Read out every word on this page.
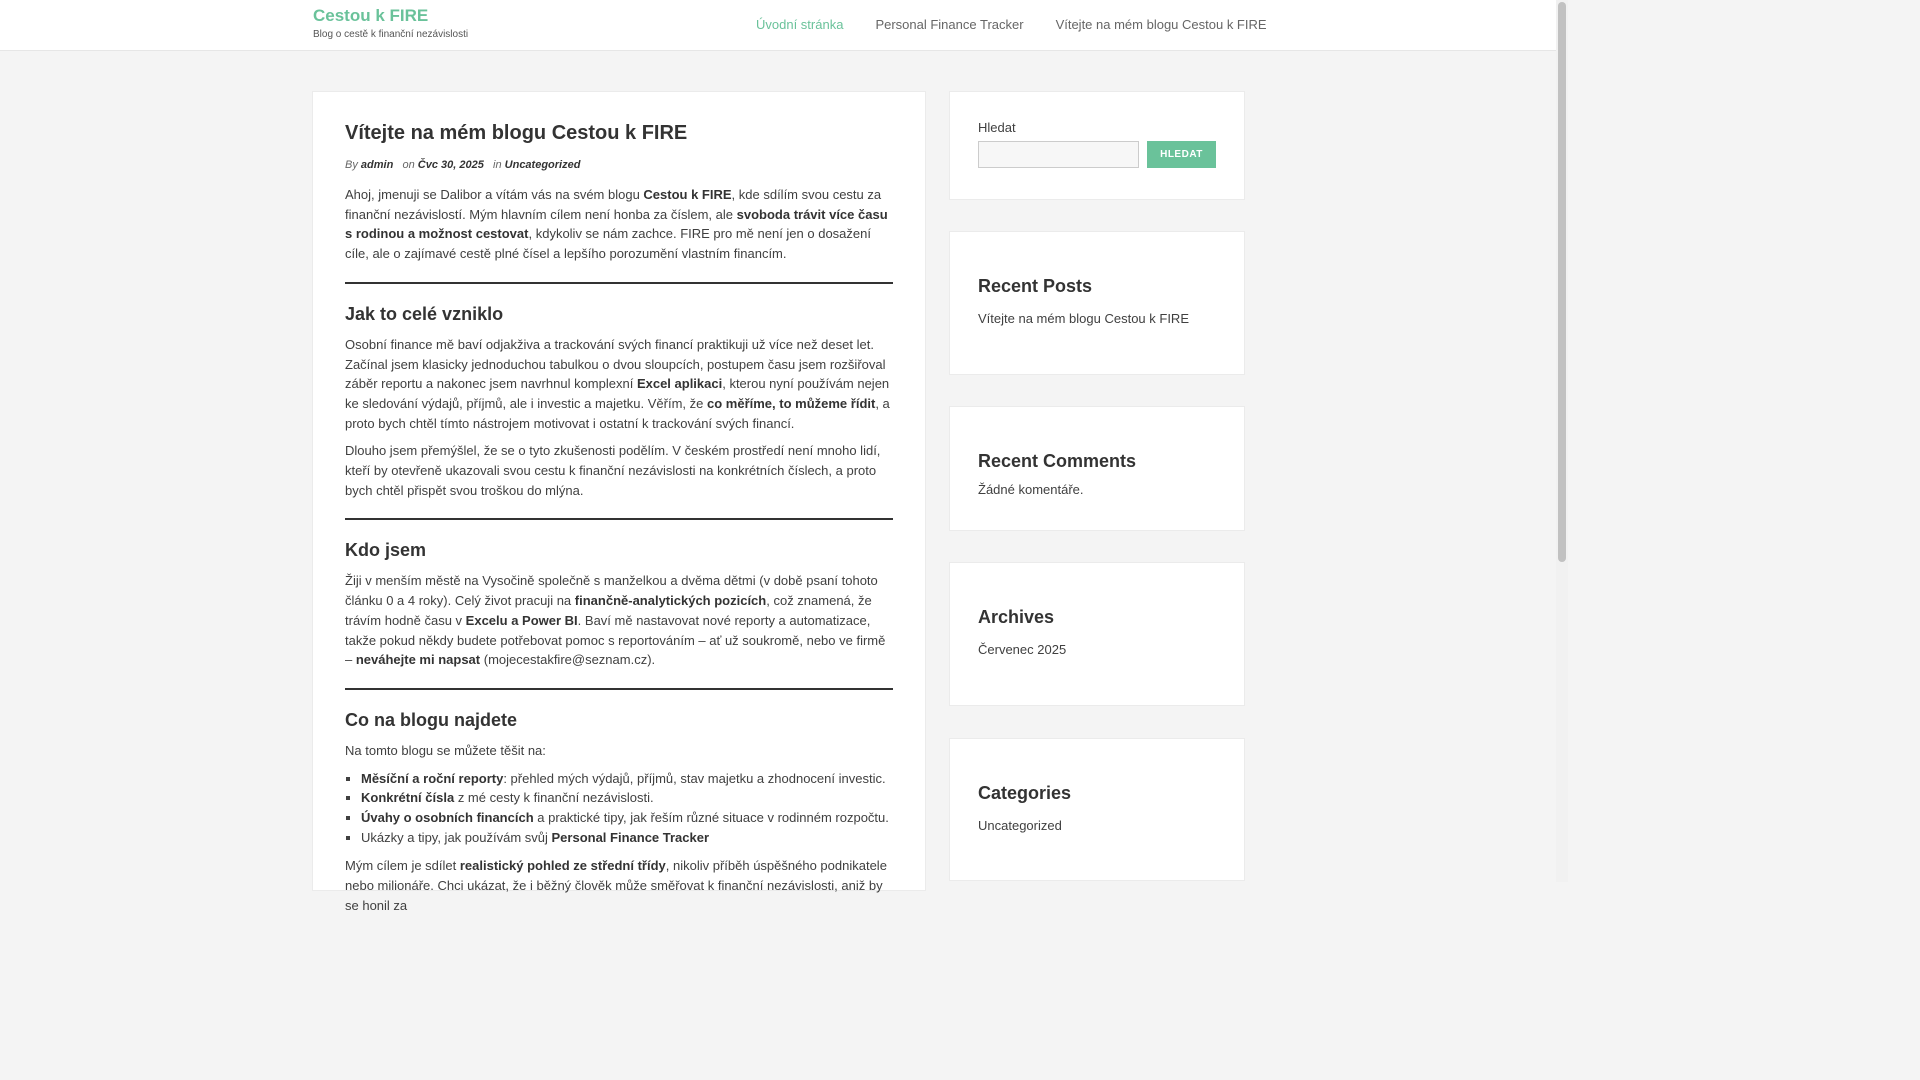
Cestou k FIRE
Blog o cestě k finanční nezávislosti
Úvodní stránka Personal Finance Tracker Vítejte na mém blogu Cestou k FIRE
Vítejte na mém blogu Cestou k FIRE
By admin on Čvc 30, 2025 in Uncategorized

Ahoj, jmenuji se Dalibor a vítám vás na svém blogu Cestou k FIRE, kde sdílím svou cestu za finanční nezávislostí. Mým hlavním cílem není honba za číslem, ale svoboda trávit více času s rodinou a možnost cestovat, kdykoliv se nám zachce. FIRE pro mě není jen o dosažení cíle, ale o zajímavé cestě plné čísel a lepšího porozumění vlastním financím.

Jak to celé vzniklo

Osobní finance mě baví odjakživa a trackování svých financí praktikuji už více než deset let. Začínal jsem klasicky jednoduchou tabulkou o dvou sloupcích, postupem času jsem rozšiřoval záběr reportu a nakonec jsem navrhnul komplexní Excel aplikaci, kterou nyní používám nejen ke sledování výdajů, příjmů, ale i investic a majetku. Věřím, že co měříme, to můžeme řídit, a proto bych chtěl tímto nástrojem motivovat i ostatní k trackování svých financí.

Dlouho jsem přemýšlel, že se o tyto zkušenosti podělím. V českém prostředí není mnoho lidí, kteří by otevřeně ukazovali svou cestu k finanční nezávislosti na konkrétních číslech, a proto bych chtěl přispět svou troškou do mlýna.

Kdo jsem

Žiji v menším městě na Vysočině společně s manželkou a dvěma dětmi (v době psaní tohoto článku 0 a 4 roky). Celý život pracuji na finančně-analytických pozicích, což znamená, že trávím hodně času v Excelu a Power BI. Baví mě nastavovat nové reporty a automatizace, takže pokud někdy budete potřebovat pomoc s reportováním – ať už soukromě, nebo ve firmě – neváhejte mi napsat (mojecestakfire@seznam.cz).

Co na blogu najdete

Na tomto blogu se můžete těšit na:

▪ Měsíční a roční reporty: přehled mých výdajů, příjmů, stav majetku a zhodnocení investic.
▪ Konkrétní čísla z mé cesty k finanční nezávislosti.
▪ Úvahy o osobních financích a praktické tipy, jak řeším různé situace v rodinném rozpočtu.
▪ Ukázky a tipy, jak používám svůj Personal Finance Tracker

Mým cílem je sdílet realistický pohled ze střední třídy, nikoliv příběh úspěšného podnikatele nebo milionáře. Chci ukázat, že i běžný člověk může směřovat k finanční nezávislosti, aniž by se honil za

Hledat
HLEDAT
Recent Posts
Vítejte na mém blogu Cestou k FIRE
Recent Comments
Žádné komentáře.
Archives
Červenec 2025
Categories
Uncategorized
